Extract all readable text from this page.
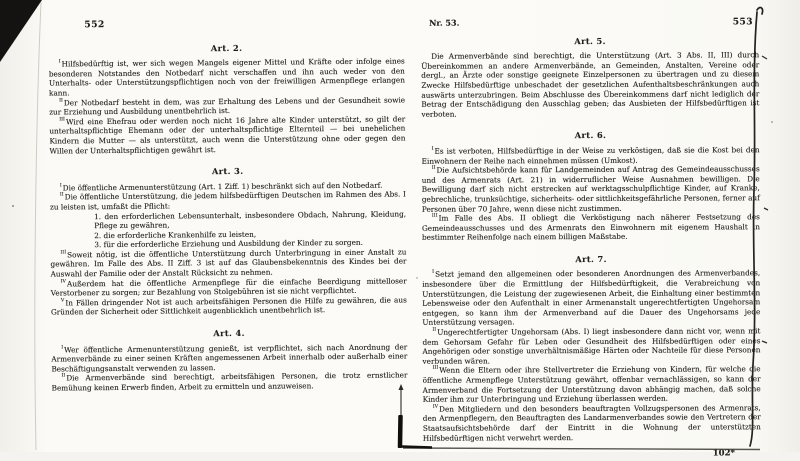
552
Art. 2.

$^I$Hilfsbedürftig ist, wer sich wegen Mangels eigener Mittel und Kräfte oder infolge eines besonderen Notstandes den Notbedarf nicht verschaffen und ihn auch weder von den Unterhalts- oder Unterstützungspflichtigen noch von der freiwilligen Armenpflege erlangen kann.

$^{II}$Der Notbedarf besteht in dem, was zur Erhaltung des Lebens und der Gesundheit sowie zur Erziehung und Ausbildung unentbehrlich ist.

$^{III}$Wird eine Ehefrau oder werden noch nicht 16 Jahre alte Kinder unterstützt, so gilt der unterhaltspflichtige Ehemann oder der unterhaltspflichtige Elternteil — bei unehelichen Kindern die Mutter — als unterstützt, auch wenn die Unterstützung ohne oder gegen den Willen der Unterhaltspflichtigen gewährt ist.

Art. 3.

$^I$Die öffentliche Armenunterstützung (Art. 1 Ziff. 1) beschränkt sich auf den Notbedarf.

$^{II}$Die öffentliche Unterstützung, die jedem hilfsbedürftigen Deutschen im Rahmen des Abs. I zu leisten ist, umfaßt die Pflicht:

1. den erforderlichen Lebensunterhalt, insbesondere Obdach, Nahrung, Kleidung, Pflege zu gewähren,
2. die erforderliche Krankenhilfe zu leisten,
3. für die erforderliche Erziehung und Ausbildung der Kinder zu sorgen.

$^{III}$Soweit nötig, ist die öffentliche Unterstützung durch Unterbringung in einer Anstalt zu gewähren. Im Falle des Abs. II Ziff. 3 ist auf das Glaubensbekenntnis des Kindes bei der Auswahl der Familie oder der Anstalt Rücksicht zu nehmen.

$^{IV}$Außerdem hat die öffentliche Armenpflege für die einfache Beerdigung mittelloser Verstorbener zu sorgen; zur Bezahlung von Stolgebühren ist sie nicht verpflichtet.

$^V$In Fällen dringender Not ist auch arbeitsfähigen Personen die Hilfe zu gewähren, die aus Gründen der Sicherheit oder Sittlichkeit augenblicklich unentbehrlich ist.

Art. 4.

$^I$Wer öffentliche Armenunterstützung genießt, ist verpflichtet, sich nach Anordnung der Armenverbände zu einer seinen Kräften angemessenen Arbeit innerhalb oder außerhalb einer Beschäftigungsanstalt verwenden zu lassen.

$^{II}$Die Armenverbände sind berechtigt, arbeitsfähigen Personen, die trotz ernstlicher Bemühung keinen Erwerb finden, Arbeit zu ermitteln und anzuweisen.

Nr. 53.	553
Art. 5.

Die Armenverbände sind berechtigt, die Unterstützung (Art. 3 Abs. II, III) durch Übereinkommen an andere Armenverbände, an Gemeinden, Anstalten, Vereine oder dergl., an Ärzte oder sonstige geeignete Einzelpersonen zu übertragen und zu diesem Zwecke Hilfsbedürftige unbeschadet der gesetzlichen Aufenthaltsbeschränkungen auch auswärts unterzubringen. Beim Abschlusse des Übereinkommens darf nicht lediglich der Betrag der Entschädigung den Ausschlag geben; das Ausbieten der Hilfsbedürftigen ist verboten.

Art. 6.

$^I$Es ist verboten, Hilfsbedürftige in der Weise zu verköstigen, daß sie die Kost bei den Einwohnern der Reihe nach einnehmen müssen (Umkost).

$^{II}$Die Aufsichtsbehörde kann für Landgemeinden auf Antrag des Gemeindeausschusses und des Armenrats (Art. 21) in widerruflicher Weise Ausnahmen bewilligen. Die Bewilligung darf sich nicht erstrecken auf werktagsschulpflichtige Kinder, auf Kranke, gebrechliche, trunksüchtige, sicherheits- oder sittlichkeitsgefährliche Personen, ferner auf Personen über 70 Jahre, wenn diese nicht zustimmen.

$^{III}$Im Falle des Abs. II obliegt die Verköstigung nach näherer Festsetzung des Gemeindeausschusses und des Armenrats den Einwohnern mit eigenem Haushalt in bestimmter Reihenfolge nach einem billigen Maßstabe.

Art. 7.

$^I$Setzt jemand den allgemeinen oder besonderen Anordnungen des Armenverbandes, insbesondere über die Ermittlung der Hilfsbedürftigkeit, die Verabreichung von Unterstützungen, die Leistung der zugewiesenen Arbeit, die Einhaltung einer bestimmten Lebensweise oder den Aufenthalt in einer Armenanstalt ungerechtfertigten Ungehorsam entgegen, so kann ihm der Armenverband auf die Dauer des Ungehorsams jede Unterstützung versagen.

$^{II}$Ungerechtfertigter Ungehorsam (Abs. I) liegt insbesondere dann nicht vor, wenn mit dem Gehorsam Gefahr für Leben oder Gesundheit des Hilfsbedürftigen oder eines Angehörigen oder sonstige unverhältnismäßige Härten oder Nachteile für diese Personen verbunden wären.

$^{III}$Wenn die Eltern oder ihre Stellvertreter die Erziehung von Kindern, für welche die öffentliche Armenpflege Unterstützung gewährt, offenbar vernachlässigen, so kann der Armenverband die Fortsetzung der Unterstützung davon abhängig machen, daß solche Kinder ihm zur Unterbringung und Erziehung überlassen werden.

$^{IV}$Den Mitgliedern und den besonders beauftragten Vollzugspersonen des Armenrats, den Armenpflegern, den Beauftragten des Landarmenverbandes sowie den Vertretern der Staatsaufsichtsbehörde darf der Eintritt in die Wohnung der unterstützten Hilfsbedürftigen nicht verwehrt werden.

102*
